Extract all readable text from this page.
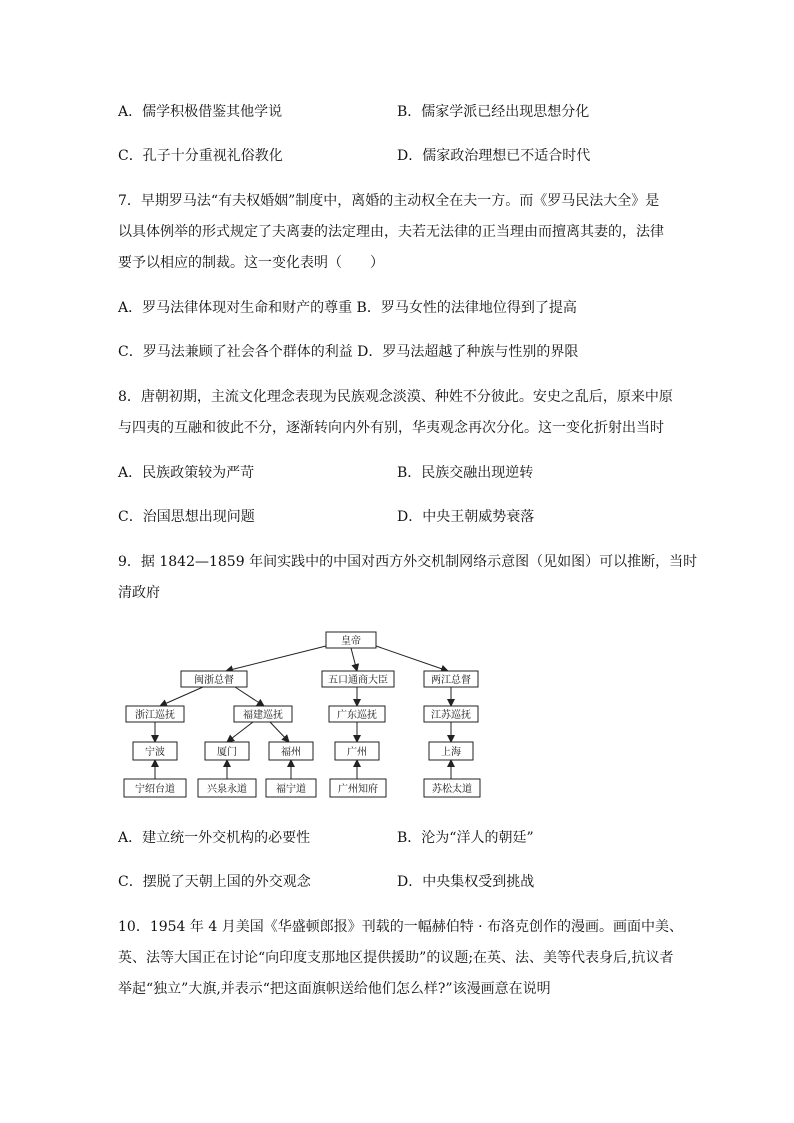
A．儒学积极借鉴其他学说	B．儒家学派已经出现思想分化
C．孔子十分重视礼俗教化	D．儒家政治理想已不适合时代
7．早期罗马法“有夫权婚姻”制度中，离婚的主动权全在夫一方。而《罗马民法大全》是
以具体例举的形式规定了夫离妻的法定理由，夫若无法律的正当理由而擅离其妻的，法律
要予以相应的制裁。这一变化表明（　　）
A．罗马法律体现对生命和财产的尊重 B．罗马女性的法律地位得到了提高
C．罗马法兼顾了社会各个群体的利益 D．罗马法超越了种族与性别的界限
8．唐朝初期，主流文化理念表现为民族观念淡漠、种姓不分彼此。安史之乱后，原来中原
与四夷的互融和彼此不分，逐渐转向内外有别，华夷观念再次分化。这一变化折射出当时
A．民族政策较为严苛	B．民族交融出现逆转
C．治国思想出现问题	D．中央王朝威势衰落
9．据 1842—1859 年间实践中的中国对西方外交机制网络示意图（见如图）可以推断，当时
清政府
皇帝
闽浙总督	五口通商大臣	两江总督
浙江巡抚	福建巡抚	广东巡抚	江苏巡抚
宁波	厦门	福州	广州	上海
宁绍台道	兴泉永道	福宁道	广州知府	苏松太道
A．建立统一外交机构的必要性	B．沦为“洋人的朝廷”
C．摆脱了天朝上国的外交观念	D．中央集权受到挑战
10．1954 年 4 月美国《华盛顿郎报》刊载的一幅赫伯特 · 布洛克创作的漫画。画面中美、
英、法等大国正在讨论“向印度支那地区提供援助”的议题;在英、法、美等代表身后,抗议者
举起“独立”大旗,并表示“把这面旗帜送给他们怎么样?”该漫画意在说明
